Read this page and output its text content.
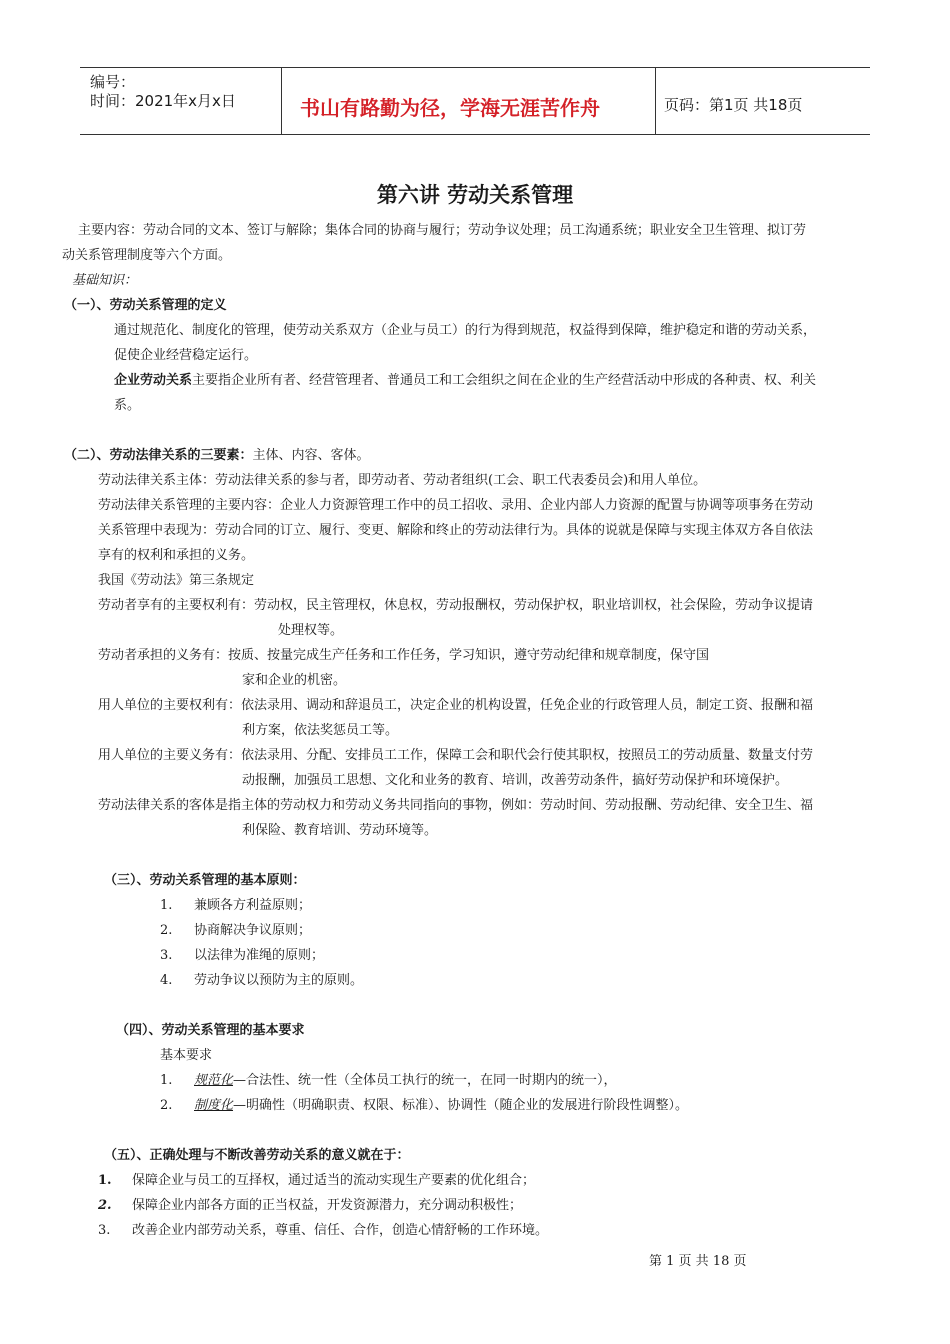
编号：
时间：2021年x月x日	书山有路勤为径，学海无涯苦作舟	页码：第1页 共18页
第六讲 劳动关系管理
主要内容：劳动合同的文本、签订与解除；集体合同的协商与履行；劳动争议处理；员工沟通系统；职业安全卫生管理、拟订劳
动关系管理制度等六个方面。
基础知识：
（一）、劳动关系管理的定义
通过规范化、制度化的管理，使劳动关系双方（企业与员工）的行为得到规范，权益得到保障，维护稳定和谐的劳动关系，
促使企业经营稳定运行。
企业劳动关系主要指企业所有者、经营管理者、普通员工和工会组织之间在企业的生产经营活动中形成的各种责、权、利关
系。
（二）、劳动法律关系的三要素：主体、内容、客体。
劳动法律关系主体：劳动法律关系的参与者，即劳动者、劳动者组织(工会、职工代表委员会)和用人单位。
劳动法律关系管理的主要内容：企业人力资源管理工作中的员工招收、录用、企业内部人力资源的配置与协调等项事务在劳动
关系管理中表现为：劳动合同的订立、履行、变更、解除和终止的劳动法律行为。具体的说就是保障与实现主体双方各自依法
享有的权利和承担的义务。
我国《劳动法》第三条规定
劳动者享有的主要权利有：劳动权，民主管理权，休息权，劳动报酬权，劳动保护权，职业培训权，社会保险，劳动争议提请
处理权等。
劳动者承担的义务有：按质、按量完成生产任务和工作任务，学习知识，遵守劳动纪律和规章制度，保守国
家和企业的机密。
用人单位的主要权利有：依法录用、调动和辞退员工，决定企业的机构设置，任免企业的行政管理人员，制定工资、报酬和福
利方案，依法奖惩员工等。
用人单位的主要义务有：依法录用、分配、安排员工工作，保障工会和职代会行使其职权，按照员工的劳动质量、数量支付劳
动报酬，加强员工思想、文化和业务的教育、培训，改善劳动条件，搞好劳动保护和环境保护。
劳动法律关系的客体是指主体的劳动权力和劳动义务共同指向的事物，例如：劳动时间、劳动报酬、劳动纪律、安全卫生、福
利保险、教育培训、劳动环境等。
（三）、劳动关系管理的基本原则：
1. 兼顾各方利益原则；
2. 协商解决争议原则；
3. 以法律为准绳的原则；
4. 劳动争议以预防为主的原则。
（四）、劳动关系管理的基本要求
基本要求
1. 规范化—合法性、统一性（全体员工执行的统一，在同一时期内的统一），
2. 制度化—明确性（明确职责、权限、标准）、协调性（随企业的发展进行阶段性调整）。
（五）、正确处理与不断改善劳动关系的意义就在于：
1. 保障企业与员工的互择权，通过适当的流动实现生产要素的优化组合；
2. 保障企业内部各方面的正当权益，开发资源潜力，充分调动积极性；
3. 改善企业内部劳动关系，尊重、信任、合作，创造心情舒畅的工作环境。
第 1 页 共 18 页
